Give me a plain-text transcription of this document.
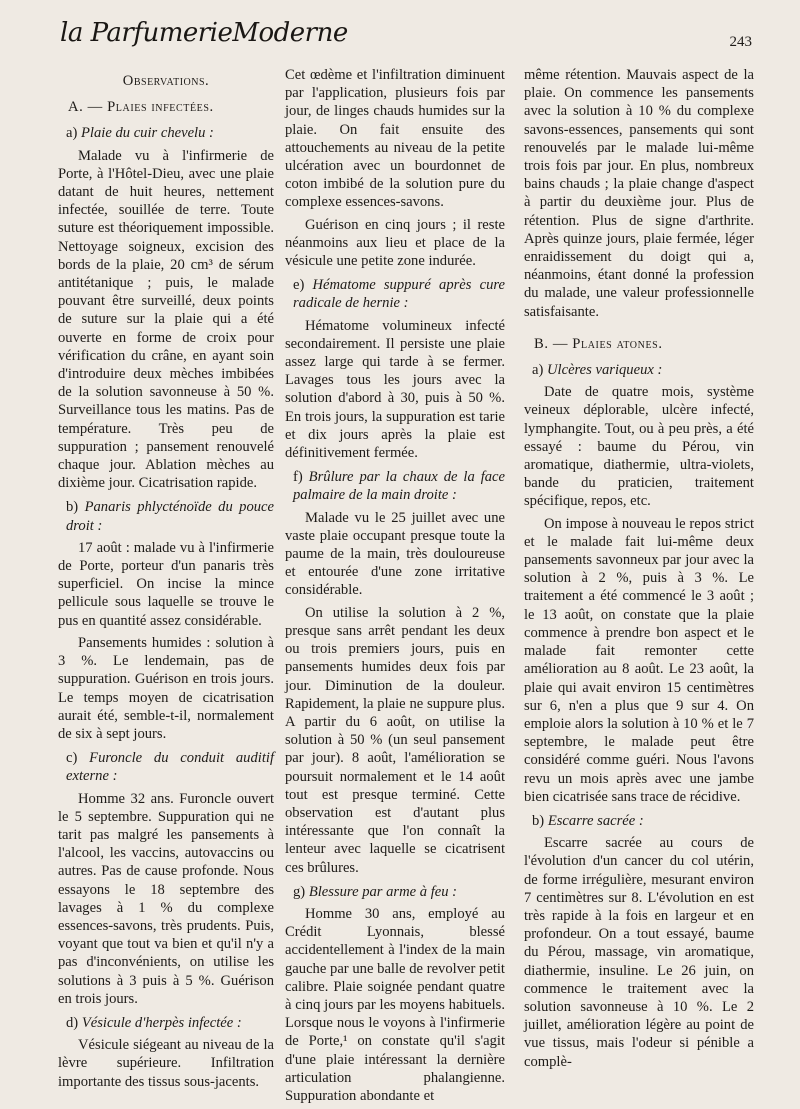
la ParfumerieModerne	243

Observations.

A. — Plaies infectées.

a) Plaie du cuir chevelu :

Malade vu à l'infirmerie de Porte, à l'Hôtel-Dieu, avec une plaie datant de huit heures, nettement infectée, souillée de terre. Toute suture est théoriquement impossible. Nettoyage soigneux, excision des bords de la plaie, 20 cm³ de sérum antitétanique ; puis, le malade pouvant être surveillé, deux points de suture sur la plaie qui a été ouverte en forme de croix pour vérification du crâne, en ayant soin d'introduire deux mèches imbibées de la solution savonneuse à 50 %. Surveillance tous les matins. Pas de température. Très peu de suppuration ; pansement renouvelé chaque jour. Ablation mèches au dixième jour. Cicatrisation rapide.

b) Panaris phlycténoïde du pouce droit :

17 août : malade vu à l'infirmerie de Porte, porteur d'un panaris très superficiel. On incise la mince pellicule sous laquelle se trouve le pus en quantité assez considérable.

Pansements humides : solution à 3 %. Le lendemain, pas de suppuration. Guérison en trois jours. Le temps moyen de cicatrisation aurait été, semble-t-il, normalement de six à sept jours.

c) Furoncle du conduit auditif externe :

Homme 32 ans. Furoncle ouvert le 5 septembre. Suppuration qui ne tarit pas malgré les pansements à l'alcool, les vaccins, autovaccins ou autres. Pas de cause profonde. Nous essayons le 18 septembre des lavages à 1 % du complexe essences-savons, très prudents. Puis, voyant que tout va bien et qu'il n'y a pas d'inconvénients, on utilise les solutions à 3 puis à 5 %. Guérison en trois jours.

d) Vésicule d'herpès infectée :

Vésicule siégeant au niveau de la lèvre supérieure. Infiltration importante des tissus sous-jacents.

Cet œdème et l'infiltration diminuent par l'application, plusieurs fois par jour, de linges chauds humides sur la plaie. On fait ensuite des attouchements au niveau de la petite ulcération avec un bourdonnet de coton imbibé de la solution pure du complexe essences-savons.

Guérison en cinq jours ; il reste néanmoins aux lieu et place de la vésicule une petite zone indurée.

e) Hématome suppuré après cure radicale de hernie :

Hématome volumineux infecté secondairement. Il persiste une plaie assez large qui tarde à se fermer. Lavages tous les jours avec la solution d'abord à 30, puis à 50 %. En trois jours, la suppuration est tarie et dix jours après la plaie est définitivement fermée.

f) Brûlure par la chaux de la face palmaire de la main droite :

Malade vu le 25 juillet avec une vaste plaie occupant presque toute la paume de la main, très douloureuse et entourée d'une zone irritative considérable.

On utilise la solution à 2 %, presque sans arrêt pendant les deux ou trois premiers jours, puis en pansements humides deux fois par jour. Diminution de la douleur. Rapidement, la plaie ne suppure plus. A partir du 6 août, on utilise la solution à 50 % (un seul pansement par jour). 8 août, l'amélioration se poursuit normalement et le 14 août tout est presque terminé. Cette observation est d'autant plus intéressante que l'on connaît la lenteur avec laquelle se cicatrisent ces brûlures.

g) Blessure par arme à feu :

Homme 30 ans, employé au Crédit Lyonnais, blessé accidentellement à l'index de la main gauche par une balle de revolver petit calibre. Plaie soignée pendant quatre à cinq jours par les moyens habituels. Lorsque nous le voyons à l'infirmerie de Porte,¹ on constate qu'il s'agit d'une plaie intéressant la dernière articulation phalangienne. Suppuration abondante et

même rétention. Mauvais aspect de la plaie. On commence les pansements avec la solution à 10 % du complexe savons-essences, pansements qui sont renouvelés par le malade lui-même trois fois par jour. En plus, nombreux bains chauds ; la plaie change d'aspect à partir du deuxième jour. Plus de rétention. Plus de signe d'arthrite. Après quinze jours, plaie fermée, léger enraidissement du doigt qui a, néanmoins, étant donné la profession du malade, une valeur professionnelle satisfaisante.

B. — Plaies atones.

a) Ulcères variqueux :

Date de quatre mois, système veineux déplorable, ulcère infecté, lymphangite. Tout, ou à peu près, a été essayé : baume du Pérou, vin aromatique, diathermie, ultra-violets, bande du praticien, traitement spécifique, repos, etc.

On impose à nouveau le repos strict et le malade fait lui-même deux pansements savonneux par jour avec la solution à 2 %, puis à 3 %. Le traitement a été commencé le 3 août ; le 13 août, on constate que la plaie commence à prendre bon aspect et le malade fait remonter cette amélioration au 8 août. Le 23 août, la plaie qui avait environ 15 centimètres sur 6, n'en a plus que 9 sur 4. On emploie alors la solution à 10 % et le 7 septembre, le malade peut être considéré comme guéri. Nous l'avons revu un mois après avec une jambe bien cicatrisée sans trace de récidive.

b) Escarre sacrée :

Escarre sacrée au cours de l'évolution d'un cancer du col utérin, de forme irrégulière, mesurant environ 7 centimètres sur 8. L'évolution en est très rapide à la fois en largeur et en profondeur. On a tout essayé, baume du Pérou, massage, vin aromatique, diathermie, insuline. Le 26 juin, on commence le traitement avec la solution savonneuse à 10 %. Le 2 juillet, amélioration légère au point de vue tissus, mais l'odeur si pénible a complè-
